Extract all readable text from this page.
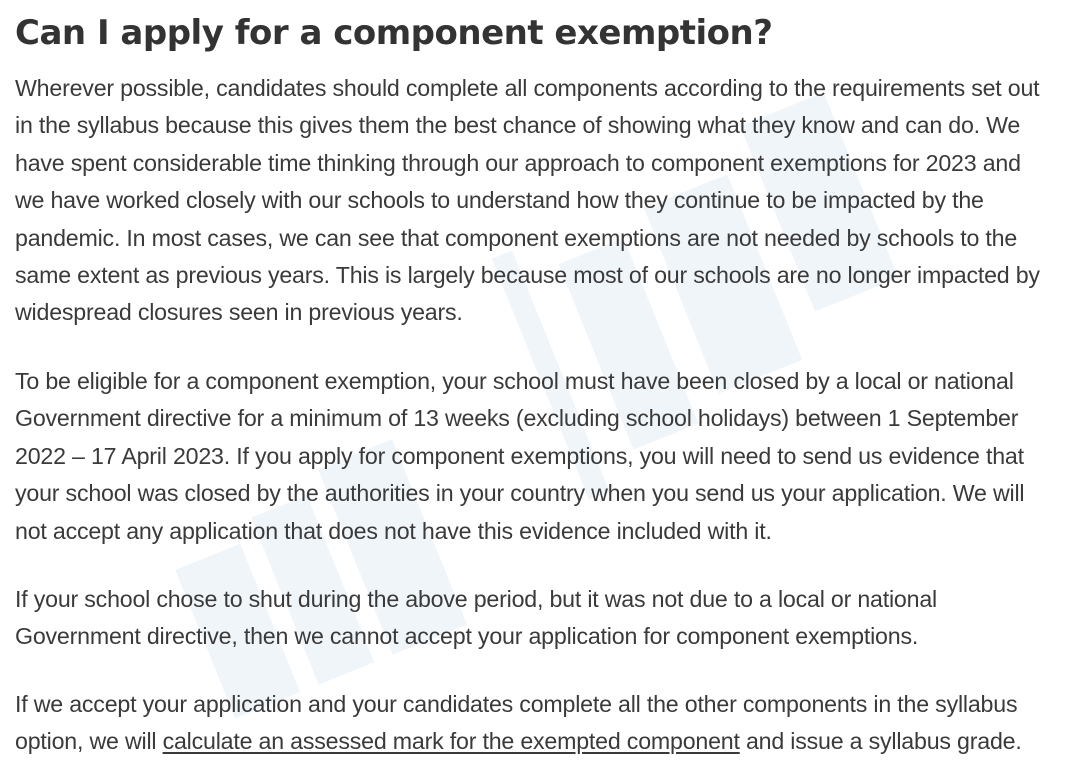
Can I apply for a component exemption?

Wherever possible, candidates should complete all components according to the requirements set out
in the syllabus because this gives them the best chance of showing what they know and can do. We
have spent considerable time thinking through our approach to component exemptions for 2023 and
we have worked closely with our schools to understand how they continue to be impacted by the
pandemic. In most cases, we can see that component exemptions are not needed by schools to the
same extent as previous years. This is largely because most of our schools are no longer impacted by
widespread closures seen in previous years.

To be eligible for a component exemption, your school must have been closed by a local or national
Government directive for a minimum of 13 weeks (excluding school holidays) between 1 September
2022 – 17 April 2023. If you apply for component exemptions, you will need to send us evidence that
your school was closed by the authorities in your country when you send us your application. We will
not accept any application that does not have this evidence included with it.

If your school chose to shut during the above period, but it was not due to a local or national
Government directive, then we cannot accept your application for component exemptions.

If we accept your application and your candidates complete all the other components in the syllabus
option, we will calculate an assessed mark for the exempted component and issue a syllabus grade.
